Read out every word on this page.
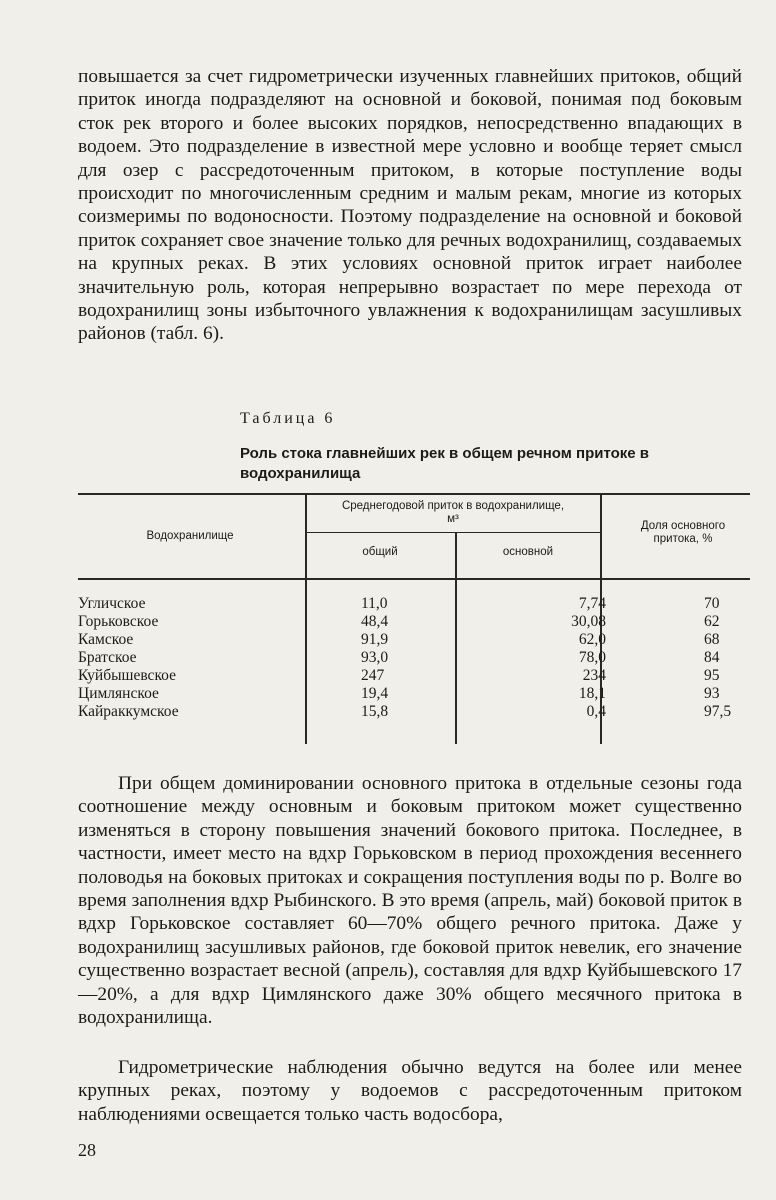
повышается за счет гидрометрически изученных главнейших притоков, общий приток иногда подразделяют на основной и боковой, понимая под боковым сток рек второго и более высоких порядков, непосредственно впадающих в водоем. Это подразделение в известной мере условно и вообще теряет смысл для озер с рассредоточенным притоком, в которые поступление воды происходит по многочисленным средним и малым рекам, многие из которых соизмеримы по водоносности. Поэтому подразделение на основной и боковой приток сохраняет свое значение только для речных водохранилищ, создаваемых на крупных реках. В этих условиях основной приток играет наиболее значительную роль, которая непрерывно возрастает по мере перехода от водохранилищ зоны избыточного увлажнения к водохранилищам засушливых районов (табл. 6).

Таблица 6
Роль стока главнейших рек в общем речном притоке в водохранилища
Водохранилище
Среднегодовой приток в водохранилище, м³
общий	основной
Доля основного притока, %
Угличское	11,0	7,74	70
Горьковское	48,4	30,08	62
Камское	91,9	62,0	68
Братское	93,0	78,0	84
Куйбышевское	247	234	95
Цимлянское	19,4	18,1	93
Кайраккумское	15,8	0,4	97,5

При общем доминировании основного притока в отдельные сезоны года соотношение между основным и боковым притоком может существенно изменяться в сторону повышения значений бокового притока. Последнее, в частности, имеет место на вдхр Горьковском в период прохождения весеннего половодья на боковых притоках и сокращения поступления воды по р. Волге во время заполнения вдхр Рыбинского. В это время (апрель, май) боковой приток в вдхр Горьковское составляет 60—70% общего речного притока. Даже у водохранилищ засушливых районов, где боковой приток невелик, его значение существенно возрастает весной (апрель), составляя для вдхр Куйбышевского 17—20%, а для вдхр Цимлянского даже 30% общего месячного притока в водохранилища.

Гидрометрические наблюдения обычно ведутся на более или менее крупных реках, поэтому у водоемов с рассредоточенным притоком наблюдениями освещается только часть водосбора,

28
